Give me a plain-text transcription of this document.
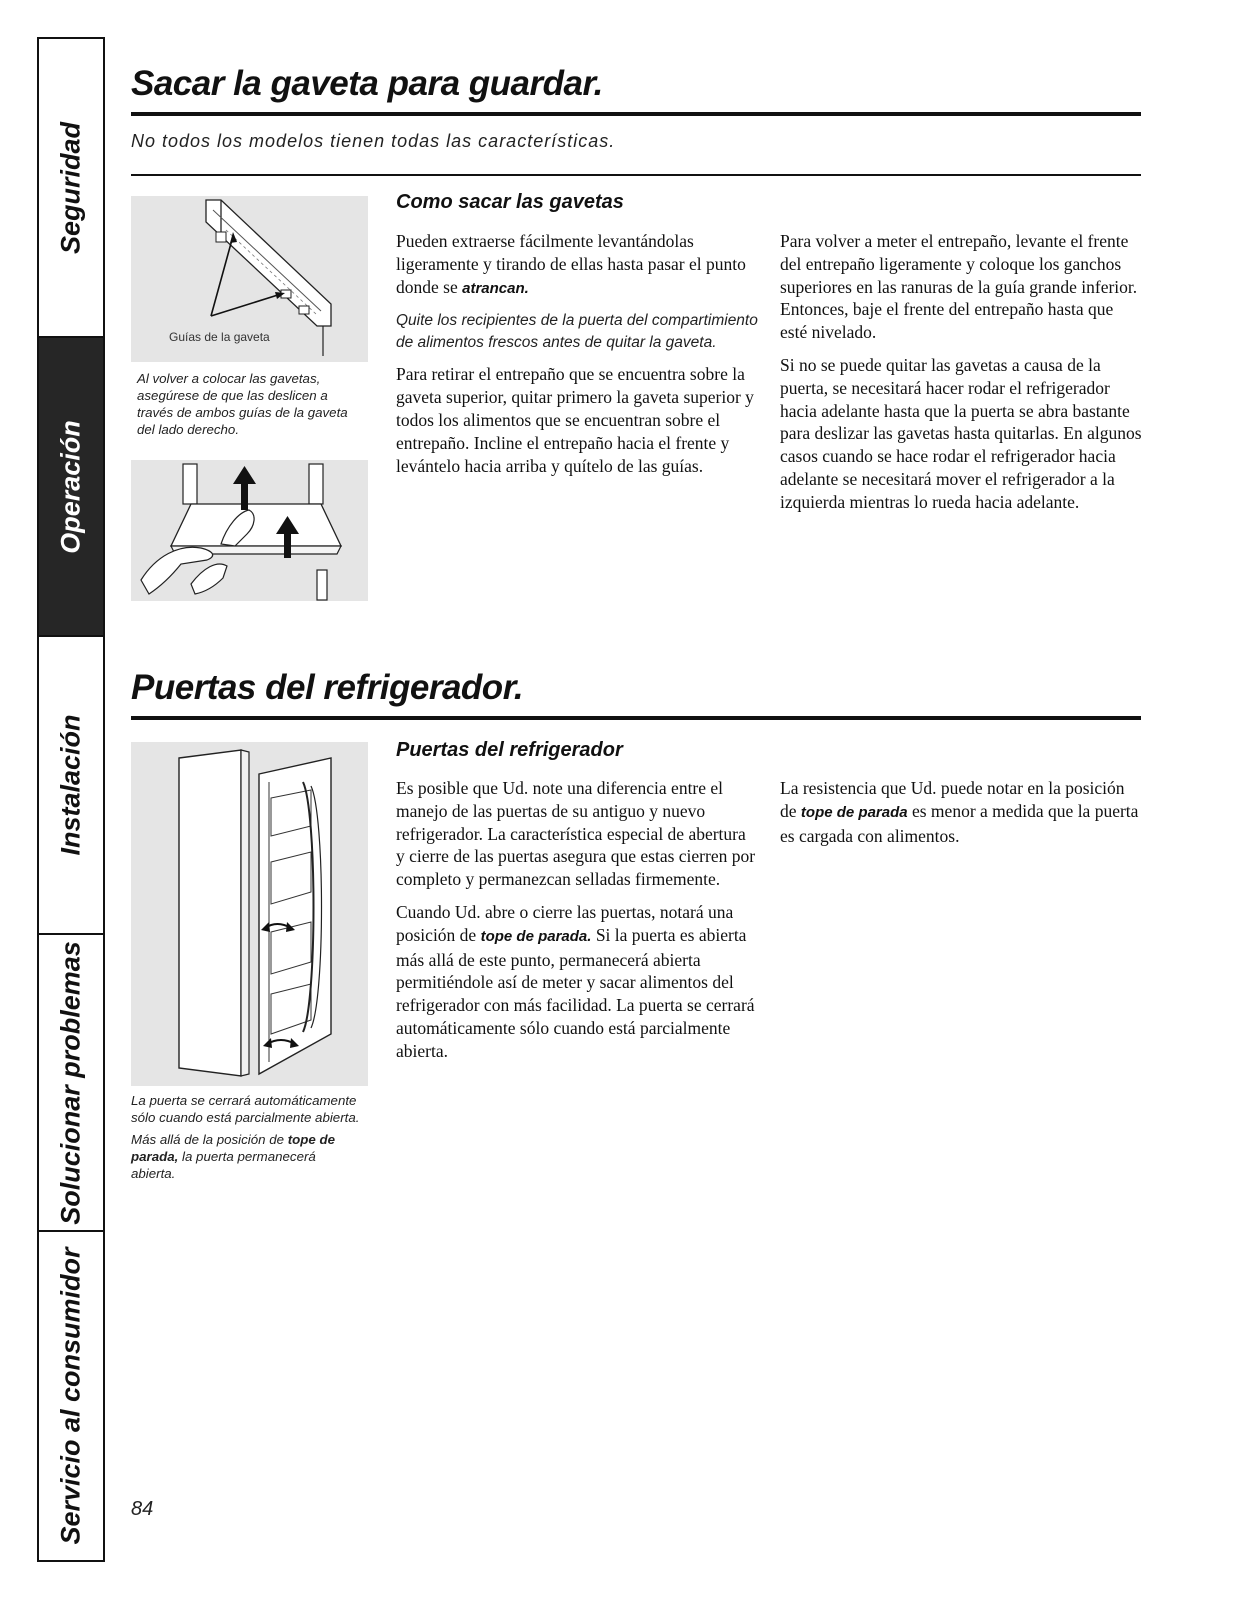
Seguridad
Operación
Instalación
Solucionar problemas
Servicio al consumidor
Sacar la gaveta para guardar.
No todos los modelos tienen todas las características.
Guías de la gaveta
Al volver a colocar las gavetas, asegúrese de que las deslicen a través de ambos guías de la gaveta del lado derecho.
Como sacar las gavetas

Pueden extraerse fácilmente levantándolas ligeramente y tirando de ellas hasta pasar el punto donde se atrancan.

Quite los recipientes de la puerta del compartimiento de alimentos frescos antes de quitar la gaveta.

Para retirar el entrepaño que se encuentra sobre la gaveta superior, quitar primero la gaveta superior y todos los alimentos que se encuentran sobre el entrepaño. Incline el entrepaño hacia el frente y levántelo hacia arriba y quítelo de las guías.

Para volver a meter el entrepaño, levante el frente del entrepaño ligeramente y coloque los ganchos superiores en las ranuras de la guía grande inferior. Entonces, baje el frente del entrepaño hasta que esté nivelado.

Si no se puede quitar las gavetas a causa de la puerta, se necesitará hacer rodar el refrigerador hacia adelante hasta que la puerta se abra bastante para deslizar las gavetas hasta quitarlas. En algunos casos cuando se hace rodar el refrigerador hacia adelante se necesitará mover el refrigerador a la izquierda mientras lo rueda hacia adelante.

Puertas del refrigerador.

La puerta se cerrará automáticamente sólo cuando está parcialmente abierta.

Más allá de la posición de tope de parada, la puerta permanecerá abierta.

Puertas del refrigerador

Es posible que Ud. note una diferencia entre el manejo de las puertas de su antiguo y nuevo refrigerador. La característica especial de abertura y cierre de las puertas asegura que estas cierren por completo y permanezcan selladas firmemente.

Cuando Ud. abre o cierre las puertas, notará una posición de tope de parada. Si la puerta es abierta más allá de este punto, permanecerá abierta permitiéndole así de meter y sacar alimentos del refrigerador con más facilidad. La puerta se cerrará automáticamente sólo cuando está parcialmente abierta.

La resistencia que Ud. puede notar en la posición de tope de parada es menor a medida que la puerta es cargada con alimentos.

84
